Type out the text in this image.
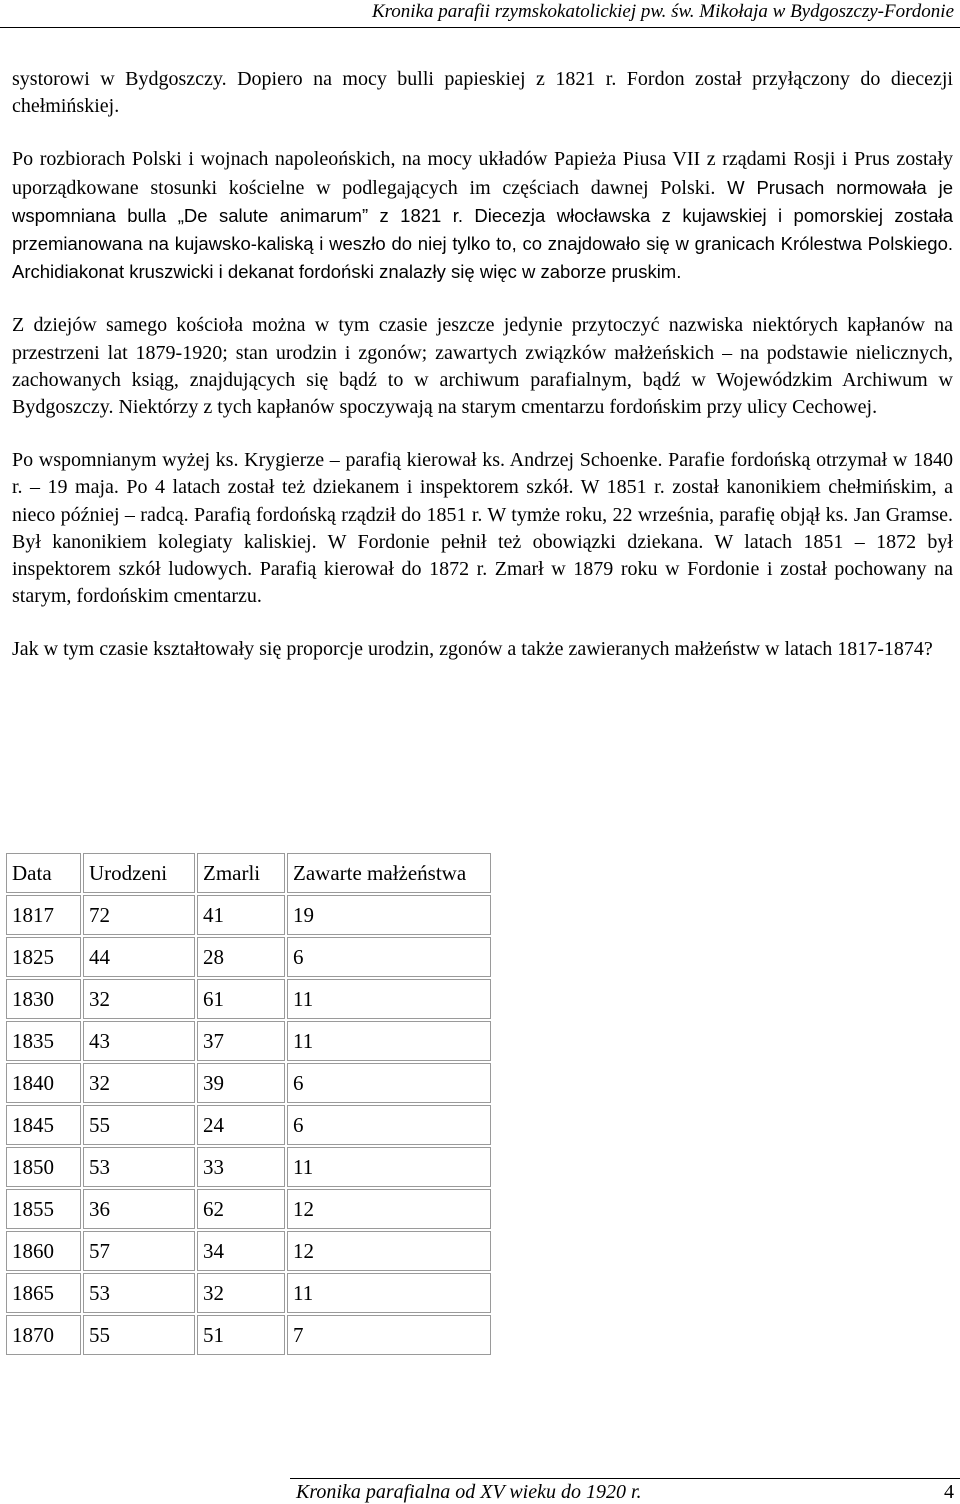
Kronika parafii rzymskokatolickiej pw. św. Mikołaja w Bydgoszczy-Fordonie

systorowi w Bydgoszczy. Dopiero na mocy bulli papieskiej z 1821 r. Fordon został przyłączony do diecezji chełmińskiej.

Po rozbiorach Polski i wojnach napoleońskich, na mocy układów Papieża Piusa VII z rządami Rosji i Prus zostały uporządkowane stosunki kościelne w podlegających im częściach dawnej Polski. W Prusach normowała je wspomniana bulla „De salute animarum” z 1821 r. Diecezja włocławska z kujawskiej i pomorskiej została przemianowana na kujawsko-kaliską i weszło do niej tylko to, co znajdowało się w granicach Królestwa Polskiego. Archidiakonat kruszwicki i dekanat fordoński znalazły się więc w zaborze pruskim.

Z dziejów samego kościoła można w tym czasie jeszcze jedynie przytoczyć nazwiska niektórych kapłanów na przestrzeni lat 1879-1920; stan urodzin i zgonów; zawartych związków małżeńskich – na podstawie nielicznych, zachowanych ksiąg, znajdujących się bądź to w archiwum parafialnym, bądź w Wojewódzkim Archiwum w Bydgoszczy. Niektórzy z tych kapłanów spoczywają na starym cmentarzu fordońskim przy ulicy Cechowej.

Po wspomnianym wyżej ks. Krygierze – parafią kierował ks. Andrzej Schoenke. Parafie fordońską otrzymał w 1840 r. – 19 maja. Po 4 latach został też dziekanem i inspektorem szkół. W 1851 r. został kanonikiem chełmińskim, a nieco później – radcą. Parafią fordońską rządził do 1851 r. W tymże roku, 22 września, parafię objął ks. Jan Gramse. Był kanonikiem kolegiaty kaliskiej. W Fordonie pełnił też obowiązki dziekana. W latach 1851 – 1872 był inspektorem szkół ludowych. Parafią kierował do 1872 r. Zmarł w 1879 roku w Fordonie i został pochowany na starym, fordońskim cmentarzu.

Jak w tym czasie kształtowały się proporcje urodzin, zgonów a także zawieranych małżeństw w latach 1817-1874?

Data	Urodzeni	Zmarli	Zawarte małżeństwa
1817	72	41	19
1825	44	28	6
1830	32	61	11
1835	43	37	11
1840	32	39	6
1845	55	24	6
1850	53	33	11
1855	36	62	12
1860	57	34	12
1865	53	32	11
1870	55	51	7
Kronika parafialna od XV wieku do 1920 r.	4
